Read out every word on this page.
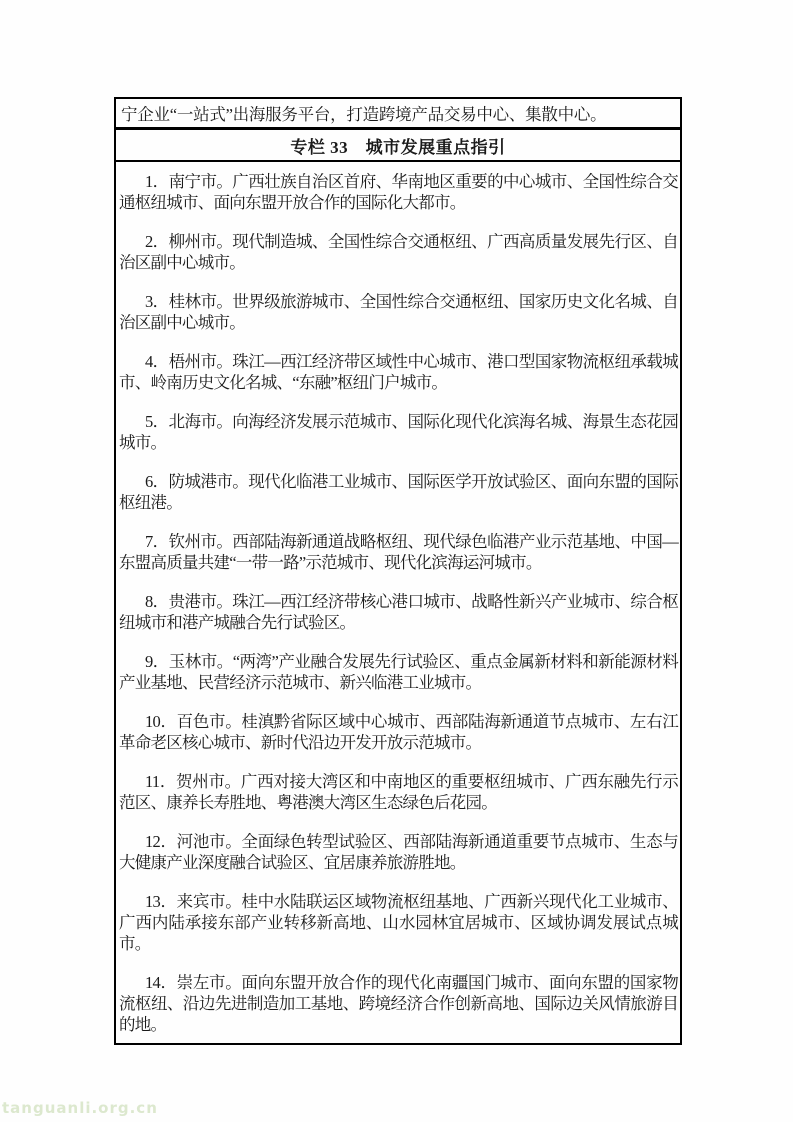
宁企业“一站式”出海服务平台，打造跨境产品交易中心、集散中心。
专栏 33　城市发展重点指引

1．南宁市。广西壮族自治区首府、华南地区重要的中心城市、全国性综合交通枢纽城市、面向东盟开放合作的国际化大都市。

2．柳州市。现代制造城、全国性综合交通枢纽、广西高质量发展先行区、自治区副中心城市。

3．桂林市。世界级旅游城市、全国性综合交通枢纽、国家历史文化名城、自治区副中心城市。

4．梧州市。珠江—西江经济带区域性中心城市、港口型国家物流枢纽承载城市、岭南历史文化名城、“东融”枢纽门户城市。

5．北海市。向海经济发展示范城市、国际化现代化滨海名城、海景生态花园城市。

6．防城港市。现代化临港工业城市、国际医学开放试验区、面向东盟的国际枢纽港。

7．钦州市。西部陆海新通道战略枢纽、现代绿色临港产业示范基地、中国—东盟高质量共建“一带一路”示范城市、现代化滨海运河城市。

8．贵港市。珠江—西江经济带核心港口城市、战略性新兴产业城市、综合枢纽城市和港产城融合先行试验区。

9．玉林市。“两湾”产业融合发展先行试验区、重点金属新材料和新能源材料产业基地、民营经济示范城市、新兴临港工业城市。

10．百色市。桂滇黔省际区域中心城市、西部陆海新通道节点城市、左右江革命老区核心城市、新时代沿边开发开放示范城市。

11．贺州市。广西对接大湾区和中南地区的重要枢纽城市、广西东融先行示范区、康养长寿胜地、粤港澳大湾区生态绿色后花园。

12．河池市。全面绿色转型试验区、西部陆海新通道重要节点城市、生态与大健康产业深度融合试验区、宜居康养旅游胜地。

13．来宾市。桂中水陆联运区域物流枢纽基地、广西新兴现代化工业城市、广西内陆承接东部产业转移新高地、山水园林宜居城市、区域协调发展试点城市。

14．崇左市。面向东盟开放合作的现代化南疆国门城市、面向东盟的国家物流枢纽、沿边先进制造加工基地、跨境经济合作创新高地、国际边关风情旅游目的地。

tanguanli.org.cn
